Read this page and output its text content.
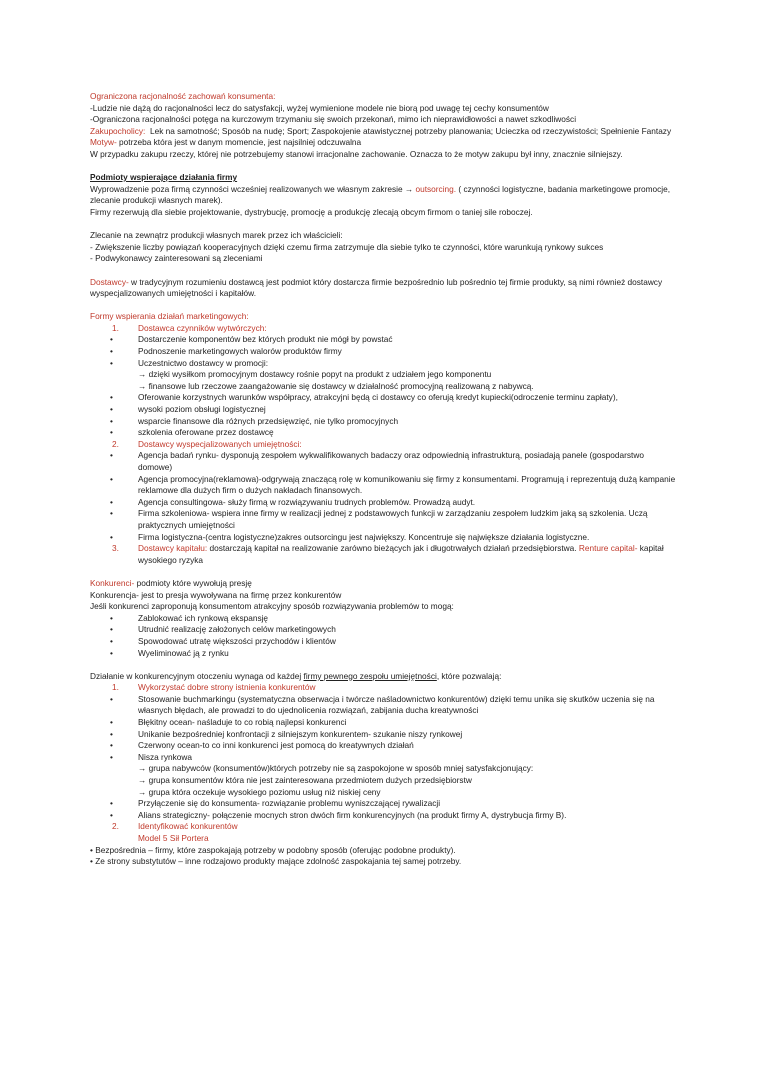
Ograniczona racjonalność zachowań konsumenta:

-Ludzie nie dążą do racjonalności lecz do satysfakcji, wyżej wymienione modele nie biorą pod uwagę tej cechy konsumentów

-Ograniczona racjonalności potęga na kurczowym trzymaniu się swoich przekonań, mimo ich nieprawidłowości a nawet szkodliwości

Zakupocholicy: Lek na samotność; Sposób na nudę; Sport; Zaspokojenie atawistycznej potrzeby planowania; Ucieczka od rzeczywistości; Spełnienie Fantazy

Motyw- potrzeba która jest w danym momencie, jest najsilniej odczuwalna

W przypadku zakupu rzeczy, której nie potrzebujemy stanowi irracjonalne zachowanie. Oznacza to że motyw zakupu był inny, znacznie silniejszy.

Podmioty wspierające działania firmy

Wyprowadzenie poza firmą czynności wcześniej realizowanych we własnym zakresie → outsorcing. ( czynności logistyczne, badania marketingowe promocje, zlecanie produkcji własnych marek).

Firmy rezerwują dla siebie projektowanie, dystrybucję, promocję a produkcję zlecają obcym firmom o taniej sile roboczej.

Zlecanie na zewnątrz produkcji własnych marek przez ich właścicieli:

- Zwiększenie liczby powiązań kooperacyjnych dzięki czemu firma zatrzymuje dla siebie tylko te czynności, które warunkują rynkowy sukces

- Podwykonawcy zainteresowani są zleceniami

Dostawcy- w tradycyjnym rozumieniu dostawcą jest podmiot który dostarcza firmie bezpośrednio lub pośrednio tej firmie produkty, są nimi również dostawcy wyspecjalizowanych umiejętności i kapitałów.

Formy wspierania działań marketingowych:

1. Dostawca czynników wytwórczych:

•	Dostarczenie komponentów bez których produkt nie mógł by powstać

•	Podnoszenie marketingowych walorów produktów firmy

•	Uczestnictwo dostawcy w promocji:

→ dzięki wysiłkom promocyjnym dostawcy rośnie popyt na produkt z udziałem jego komponentu

→ finansowe lub rzeczowe zaangażowanie się dostawcy w działalność promocyjną realizowaną z nabywcą.

•	Oferowanie korzystnych warunków współpracy, atrakcyjni będą ci dostawcy co oferują kredyt kupiecki(odroczenie terminu zapłaty),

•	wysoki poziom obsługi logistycznej

•	wsparcie finansowe dla różnych przedsięwzięć, nie tylko promocyjnych

•	szkolenia oferowane przez dostawcę

2. Dostawcy wyspecjalizowanych umiejętności:

•	Agencja badań rynku- dysponują zespołem wykwalifikowanych badaczy oraz odpowiednią infrastrukturą, posiadają panele (gospodarstwo domowe)

•	Agencja promocyjna(reklamowa)-odgrywają znaczącą rolę w komunikowaniu się firmy z konsumentami. Programują i reprezentują dużą kampanie reklamowe dla dużych firm o dużych nakładach finansowych.

•	Agencja consultingowa- służy firmą w rozwiązywaniu trudnych problemów. Prowadzą audyt.

•	Firma szkoleniowa- wspiera inne firmy w realizacji jednej z podstawowych funkcji w zarządzaniu zespołem ludzkim jaką są szkolenia. Uczą praktycznych umiejętności

•	Firma logistyczna-(centra logistyczne)zakres outsorcingu jest największy. Koncentruje się największe działania logistyczne.

3. Dostawcy kapitału: dostarczają kapitał na realizowanie zarówno bieżących jak i długotrwałych działań przedsiębiorstwa. Renture capital- kapitał wysokiego ryzyka

Konkurenci- podmioty które wywołują presję

Konkurencja- jest to presja wywoływana na firmę przez konkurentów

Jeśli konkurenci zaproponują konsumentom atrakcyjny sposób rozwiązywania problemów to mogą:

•	Zablokować ich rynkową ekspansję

•	Utrudnić realizację założonych celów marketingowych

•	Spowodować utratę większości przychodów i klientów

•	Wyeliminować ją z rynku

Działanie w konkurencyjnym otoczeniu wynaga od każdej firmy pewnego zespołu umiejętności, które pozwalają:

1. Wykorzystać dobre strony istnienia konkurentów

•	Stosowanie buchmarkingu (systematyczna obserwacja i twórcze naśladownictwo konkurentów) dzięki temu unika się skutków uczenia się na własnych błędach, ale prowadzi to do ujednolicenia rozwiązań, zabijania ducha kreatywności

•	Błękitny ocean- naśladuje to co robią najlepsi konkurenci

•	Unikanie bezpośredniej konfrontacji z silniejszym konkurentem- szukanie niszy rynkowej

•	Czerwony ocean-to co inni konkurenci jest pomocą do kreatywnych działań

•	Nisza rynkowa

→ grupa nabywców (konsumentów)których potrzeby nie są zaspokojone w sposób mniej satysfakcjonujący:

→ grupa konsumentów która nie jest zainteresowana przedmiotem dużych przedsiębiorstw

→ grupa która oczekuje wysokiego poziomu usług niż niskiej ceny

•	Przyłączenie się do konsumenta- rozwiązanie problemu wyniszczającej rywalizacji

•	Alians strategiczny- połączenie mocnych stron dwóch firm konkurencyjnych (na produkt firmy A, dystrybucja firmy B).

2. Identyfikować konkurentów

Model 5 Sił Portera

• Bezpośrednia – firmy, które zaspokajają potrzeby w podobny sposób (oferując podobne produkty).

• Ze strony substytutów – inne rodzajowo produkty mające zdolność zaspokajania tej samej potrzeby.
